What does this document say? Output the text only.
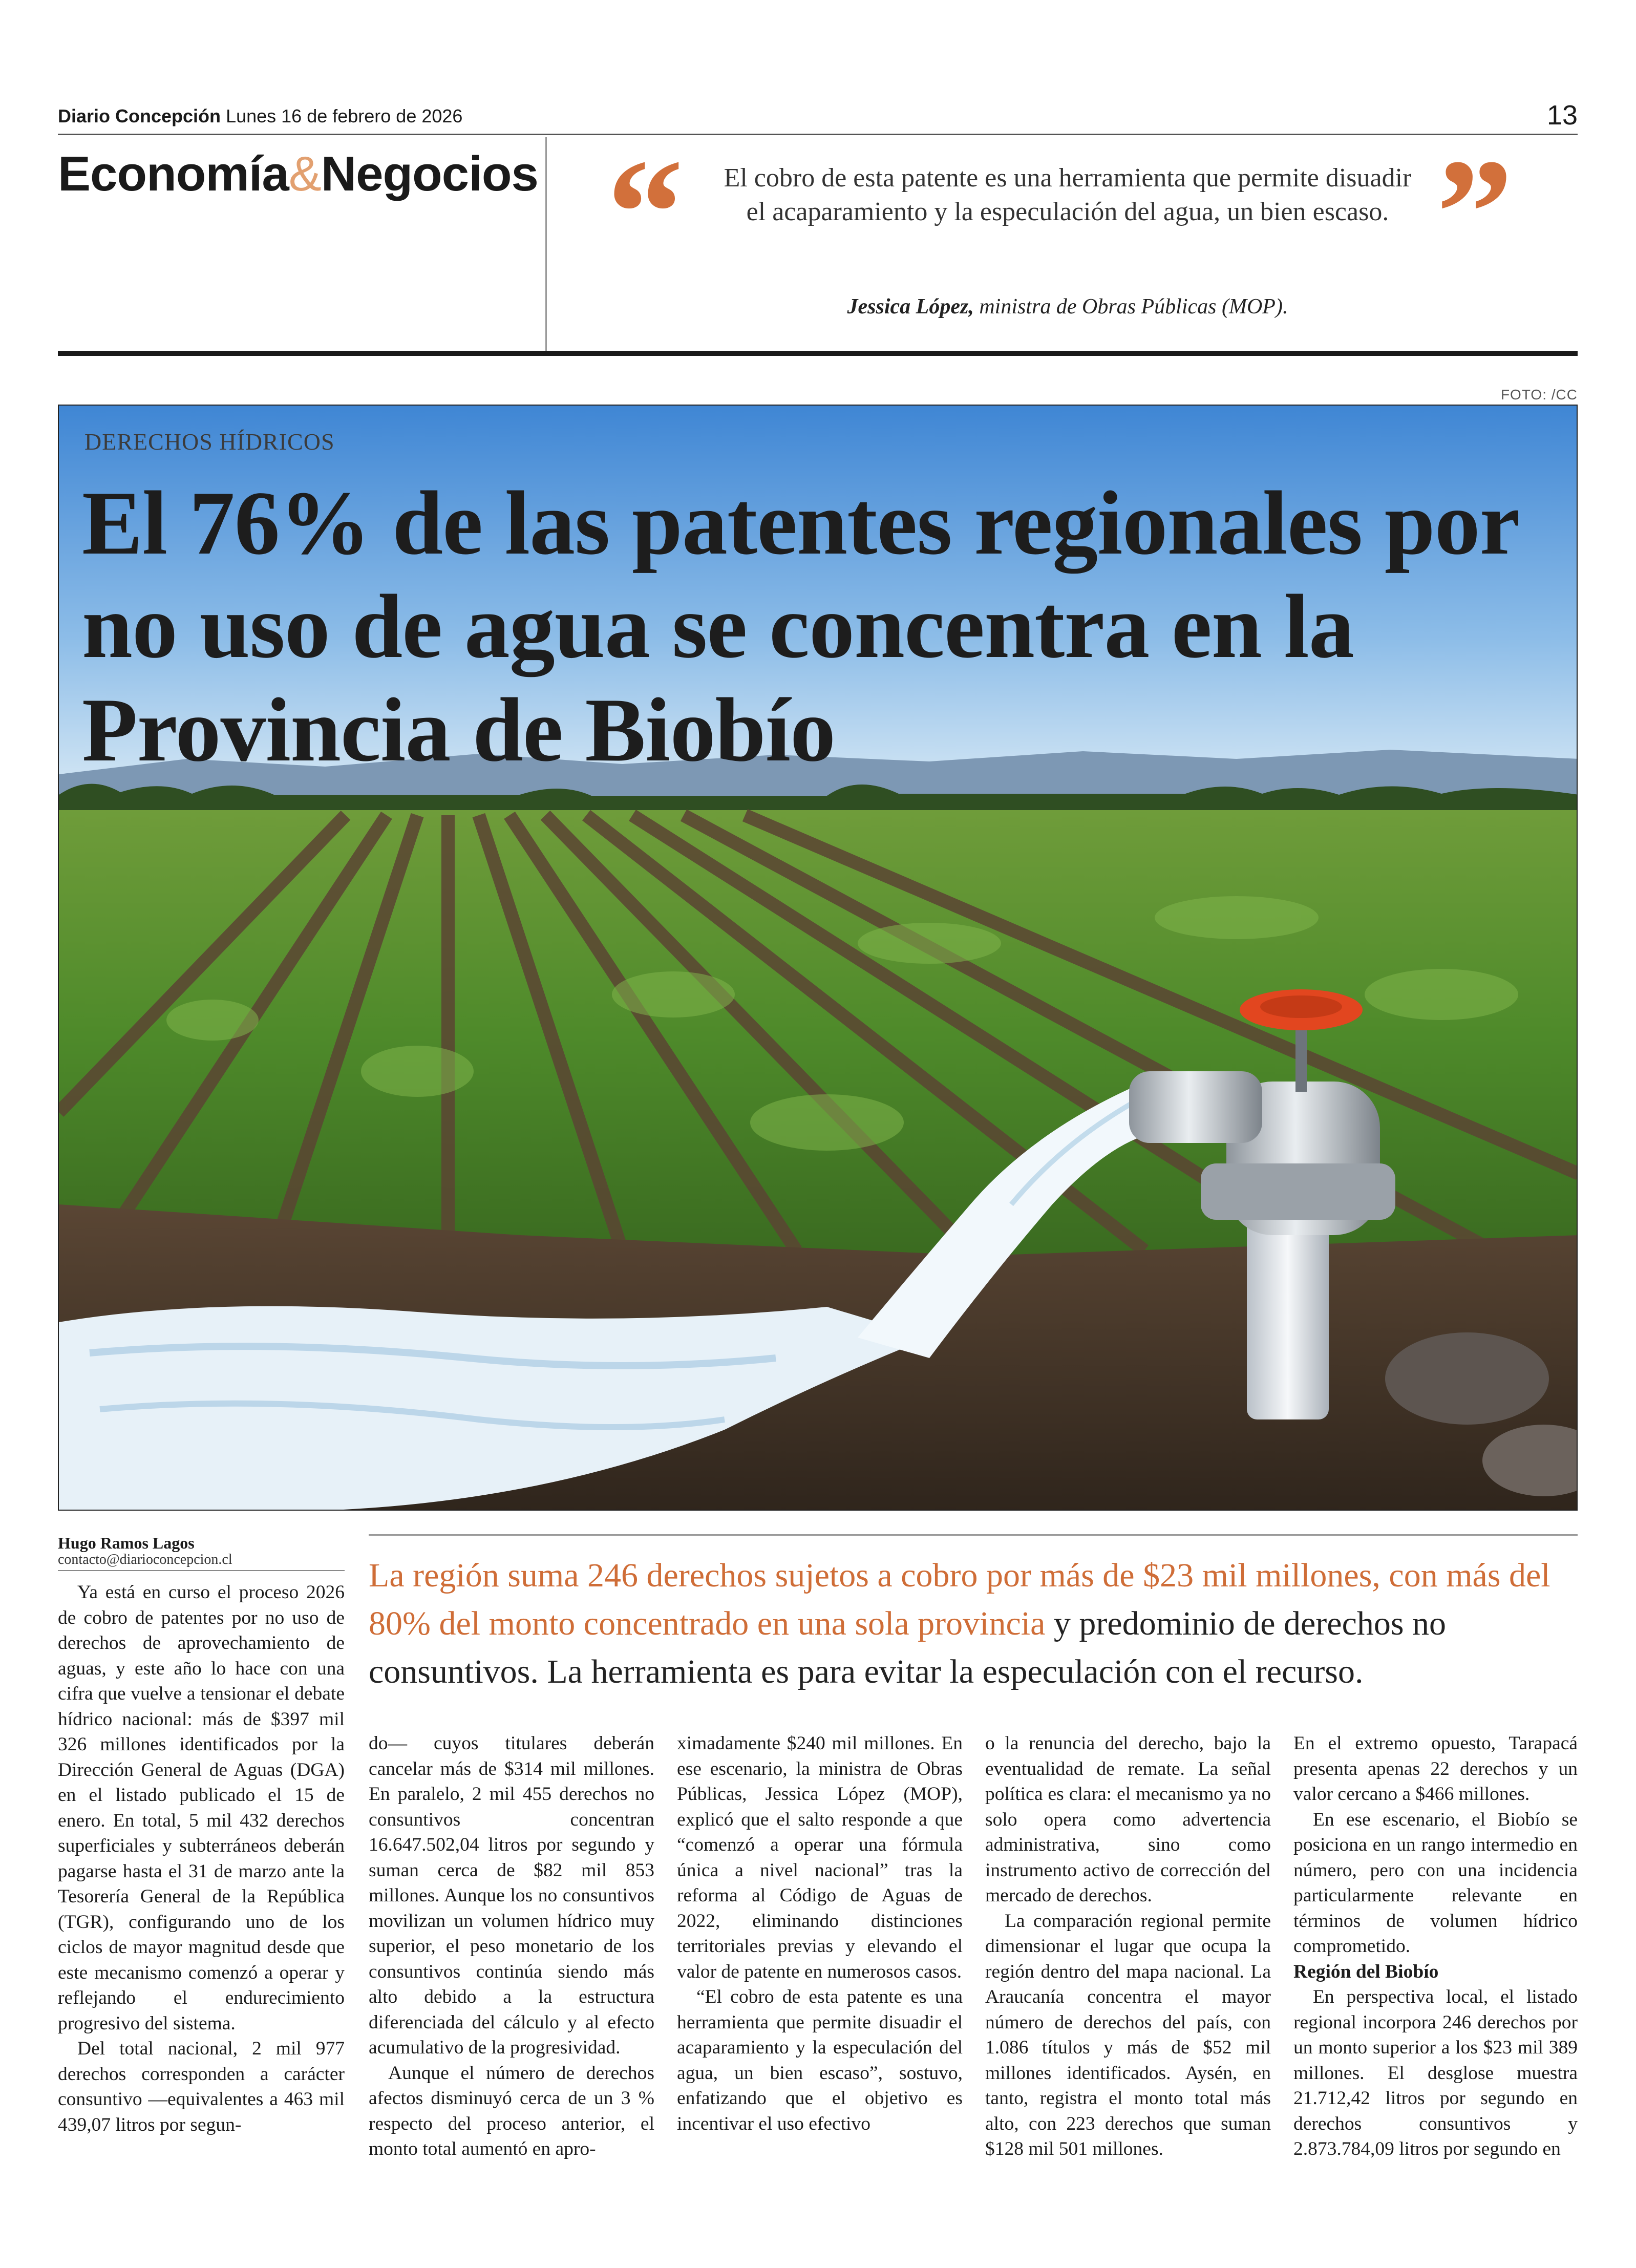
Diario Concepción Lunes 16 de febrero de 2026	13
Economía&Negocios “	El cobro de esta patente es una herramienta que permite disuadir el acaparamiento y la especulación del agua, un bien escaso. ”
Jessica López, ministra de Obras Públicas (MOP).
FOTO: /CC
DERECHOS HÍDRICOS
El 76% de las patentes regionales por no uso de agua se concentra en la Provincia de Biobío
Hugo Ramos Lagos
contacto@diarioconcepcion.cl	La región suma 246 derechos sujetos a cobro por más de $23 mil millones, con más del 80% del monto concentrado en una sola provincia y predominio de derechos no consuntivos. La herramienta es para evitar la especulación con el recurso.

Ya está en curso el proceso 2026 de cobro de patentes por no uso de derechos de aprovechamiento de aguas, y este año lo hace con una cifra que vuelve a tensionar el debate hídrico nacional: más de $397 mil 326 millones identificados por la Dirección General de Aguas (DGA) en el listado publicado el 15 de enero. En total, 5 mil 432 derechos superficiales y subterráneos deberán pagarse hasta el 31 de marzo ante la Tesorería General de la República (TGR), configurando uno de los ciclos de mayor magnitud desde que este mecanismo comenzó a operar y reflejando el endurecimiento progresivo del sistema.

Del total nacional, 2 mil 977 derechos corresponden a carácter consuntivo —equivalentes a 463 mil 439,07 litros por segun-

do— cuyos titulares deberán cancelar más de $314 mil millones. En paralelo, 2 mil 455 derechos no consuntivos concentran 16.647.502,04 litros por segundo y suman cerca de $82 mil 853 millones. Aunque los no consuntivos movilizan un volumen hídrico muy superior, el peso monetario de los consuntivos continúa siendo más alto debido a la estructura diferenciada del cálculo y al efecto acumulativo de la progresividad.

Aunque el número de derechos afectos disminuyó cerca de un 3 % respecto del proceso anterior, el monto total aumentó en apro-

ximadamente $240 mil millones. En ese escenario, la ministra de Obras Públicas, Jessica López (MOP), explicó que el salto responde a que “comenzó a operar una fórmula única a nivel nacional” tras la reforma al Código de Aguas de 2022, eliminando distinciones territoriales previas y elevando el valor de patente en numerosos casos.

“El cobro de esta patente es una herramienta que permite disuadir el acaparamiento y la especulación del agua, un bien escaso”, sostuvo, enfatizando que el objetivo es incentivar el uso efectivo

o la renuncia del derecho, bajo la eventualidad de remate. La señal política es clara: el mecanismo ya no solo opera como advertencia administrativa, sino como instrumento activo de corrección del mercado de derechos.

La comparación regional permite dimensionar el lugar que ocupa la región dentro del mapa nacional. La Araucanía concentra el mayor número de derechos del país, con 1.086 títulos y más de $52 mil millones identificados. Aysén, en tanto, registra el monto total más alto, con 223 derechos que suman $128 mil 501 millones.

En el extremo opuesto, Tarapacá presenta apenas 22 derechos y un valor cercano a $466 millones.

En ese escenario, el Biobío se posiciona en un rango intermedio en número, pero con una incidencia particularmente relevante en términos de volumen hídrico comprometido.

Región del Biobío

En perspectiva local, el listado regional incorpora 246 derechos por un monto superior a los $23 mil 389 millones. El desglose muestra 21.712,42 litros por segundo en derechos consuntivos y 2.873.784,09 litros por segundo en
